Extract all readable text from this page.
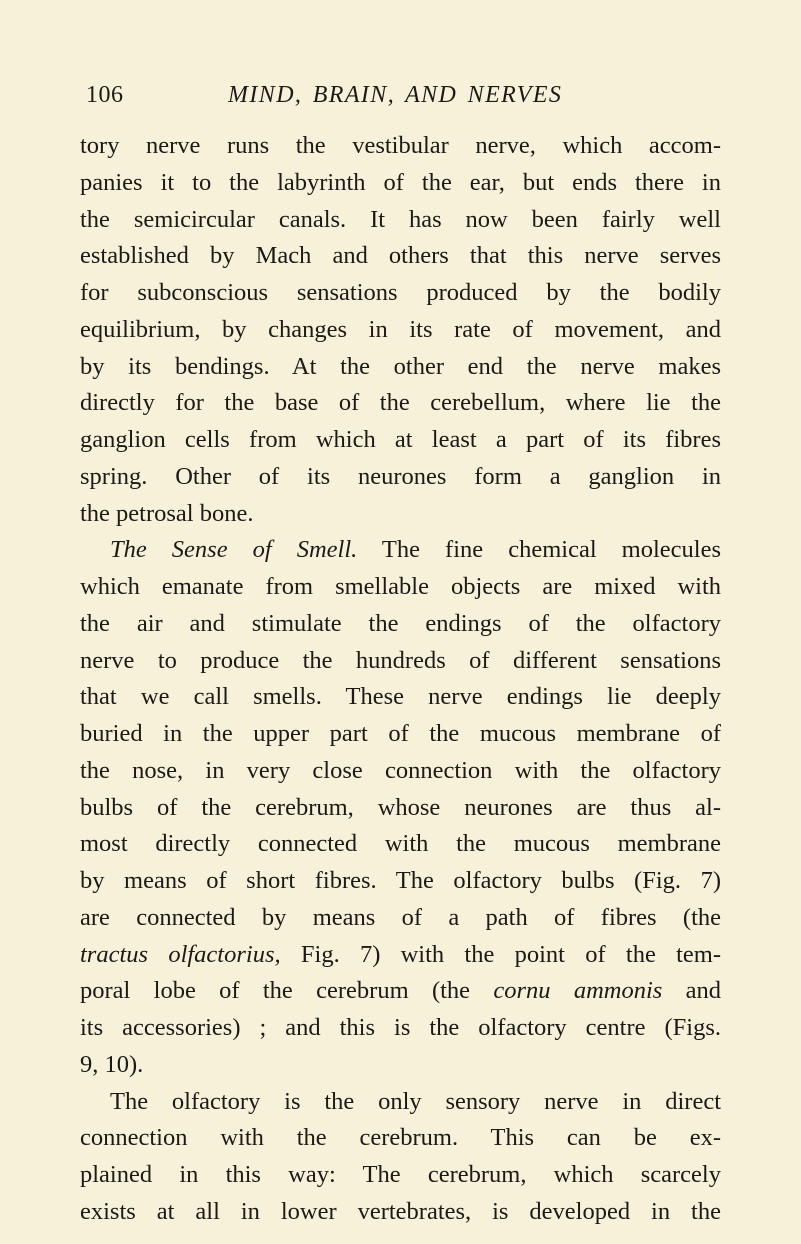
106	MIND, BRAIN, AND NERVES
tory nerve runs the vestibular nerve, which accom-
panies it to the labyrinth of the ear, but ends there in
the semicircular canals. It has now been fairly well
established by Mach and others that this nerve serves
for subconscious sensations produced by the bodily
equilibrium, by changes in its rate of movement, and
by its bendings. At the other end the nerve makes
directly for the base of the cerebellum, where lie the
ganglion cells from which at least a part of its fibres
spring. Other of its neurones form a ganglion in
the petrosal bone.
The Sense of Smell. The fine chemical molecules
which emanate from smellable objects are mixed with
the air and stimulate the endings of the olfactory
nerve to produce the hundreds of different sensations
that we call smells. These nerve endings lie deeply
buried in the upper part of the mucous membrane of
the nose, in very close connection with the olfactory
bulbs of the cerebrum, whose neurones are thus al-
most directly connected with the mucous membrane
by means of short fibres. The olfactory bulbs (Fig. 7)
are connected by means of a path of fibres (the
tractus olfactorius, Fig. 7) with the point of the tem-
poral lobe of the cerebrum (the cornu ammonis and
its accessories) ; and this is the olfactory centre (Figs.
9, 10).
The olfactory is the only sensory nerve in direct
connection with the cerebrum. This can be ex-
plained in this way: The cerebrum, which scarcely
exists at all in lower vertebrates, is developed in the
